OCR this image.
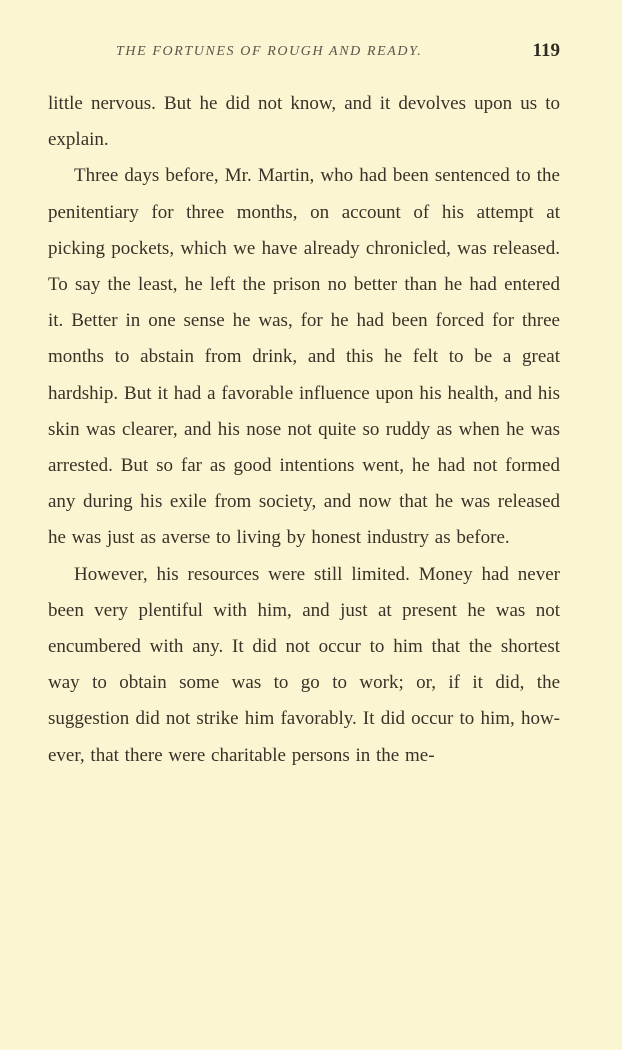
THE FORTUNES OF ROUGH AND READY.	119

little nervous. But he did not know, and it devolves upon us to explain.

Three days before, Mr. Martin, who had been sentenced to the penitentiary for three months, on account of his attempt at picking pockets, which we have already chronicled, was released. To say the least, he left the prison no better than he had entered it. Better in one sense he was, for he had been forced for three months to abstain from drink, and this he felt to be a great hardship. But it had a favorable influence upon his health, and his skin was clearer, and his nose not quite so ruddy as when he was arrested. But so far as good intentions went, he had not formed any during his exile from society, and now that he was released he was just as averse to living by honest industry as before.

However, his resources were still limited. Money had never been very plentiful with him, and just at present he was not encumbered with any. It did not occur to him that the shortest way to obtain some was to go to work; or, if it did, the suggestion did not strike him favorably. It did occur to him, however, that there were charitable persons in the me-
